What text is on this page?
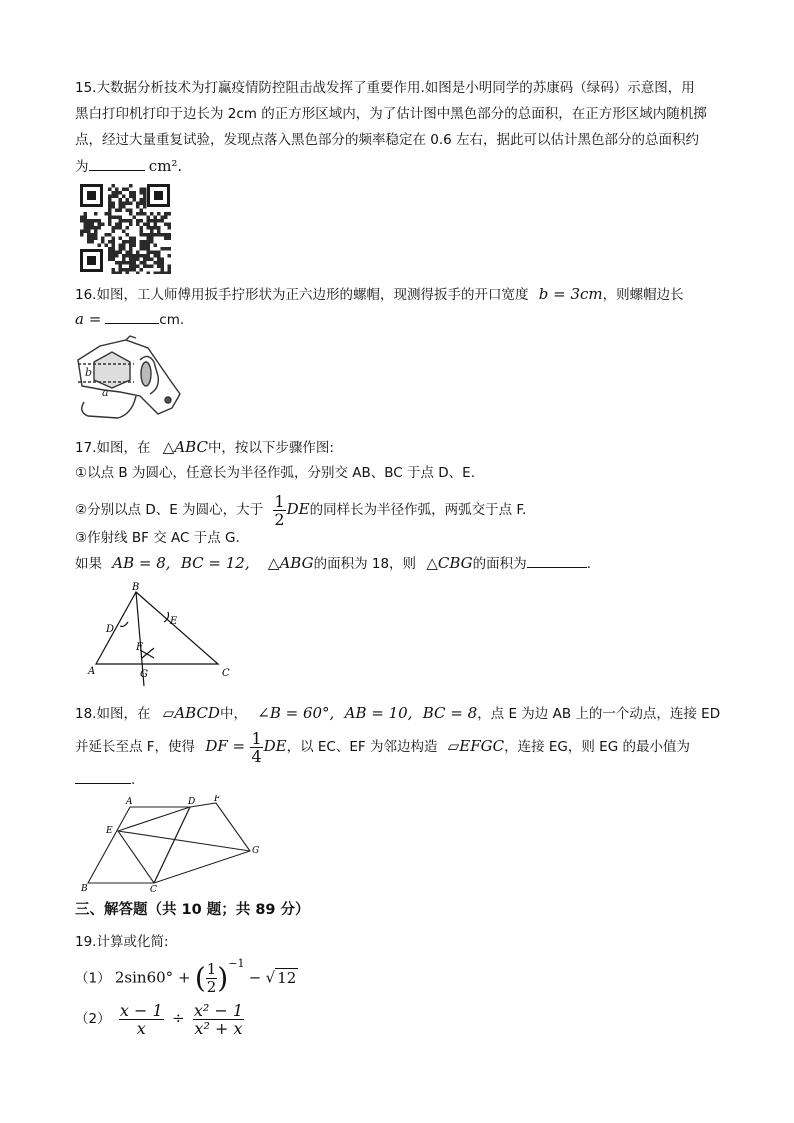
15.大数据分析技术为打赢疫情防控阻击战发挥了重要作用.如图是小明同学的苏康码（绿码）示意图，用
黑白打印机打印于边长为 2cm 的正方形区域内，为了估计图中黑色部分的总面积，在正方形区域内随机掷
点，经过大量重复试验，发现点落入黑色部分的频率稳定在 0.6 左右，据此可以估计黑色部分的总面积约
为	cm².
16.如图，工人师傅用扳手拧形状为正六边形的螺帽，现测得扳手的开口宽度 b = 3cm，则螺帽边长
a =	cm.
b
a
17.如图，在 △ABC中，按以下步骤作图:
①以点 B 为圆心，任意长为半径作弧，分别交 AB、BC 于点 D、E.
②分别以点 D、E 为圆心，大于 $\frac{1}{2}$ DE的同样长为半径作弧，两弧交于点 F.
③作射线 BF 交 AC 于点 G.
如果 AB = 8, BC = 12, △ABG的面积为 18，则 △CBG的面积为	.
B
A	C
D
E
F
G
18.如图，在 ▱ABCD中， ∠B = 60°, AB = 10, BC = 8，点 E 为边 AB 上的一个动点，连接 ED
并延长至点 F，使得 DF = $\frac{1}{4}$ DE，以 EC、EF 为邻边构造 ▱EFGC，连接 EG，则 EG 的最小值为
.
A	D F
E
G
B	C
三、解答题（共 10 题；共 89 分）
19.计算或化简:
（1） 2sin60° + ( $\frac{1}{2} )^{-1}$ − √ 12
$(2) \frac{x - 1}{x} \div \frac{\text{x² − 1}}{\text{x² + x}}$
